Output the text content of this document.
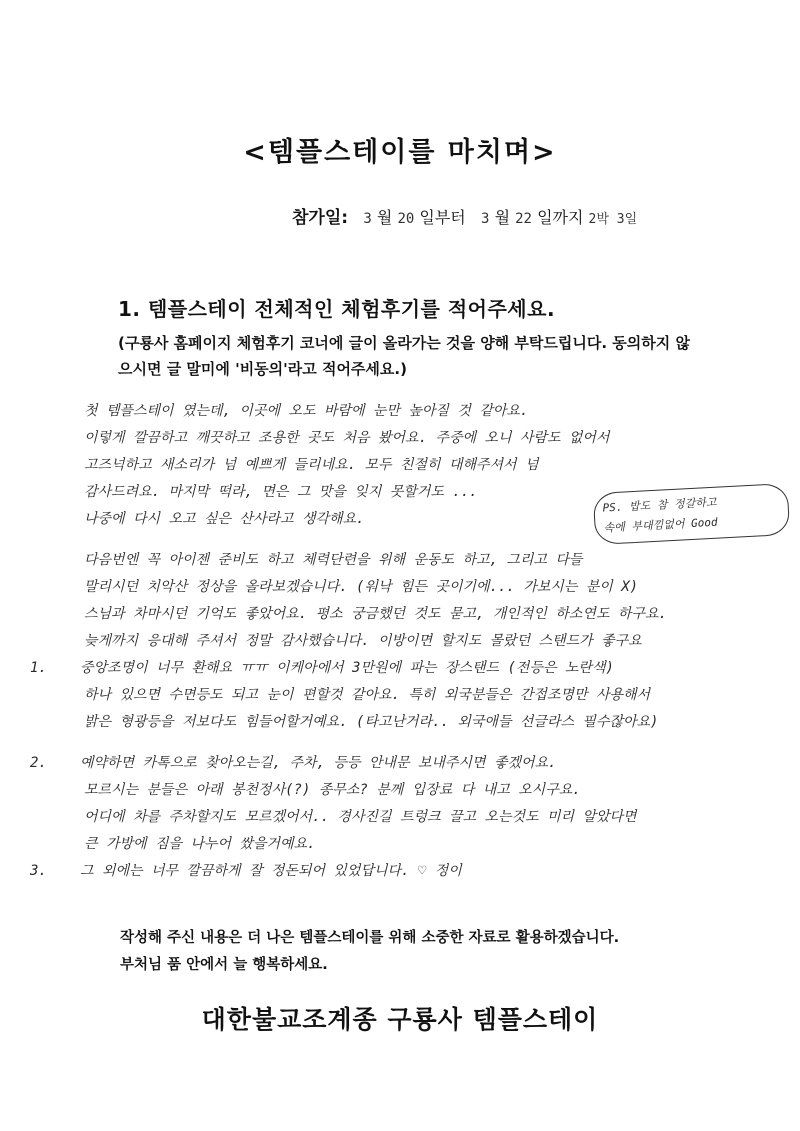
<템플스테이를 마치며>
참가일: 3 월 20 일부터 3 월 22 일까지 2박 3일
1. 템플스테이 전체적인 체험후기를 적어주세요.
(구룡사 홈페이지 체험후기 코너에 글이 올라가는 것을 양해 부탁드립니다. 동의하지 않으시면 글 말미에 '비동의'라고 적어주세요.)
첫 템플스테이 였는데, 이곳에 오도 바람에 눈만 높아질 것 같아요.
이렇게 깔끔하고 깨끗하고 조용한 곳도 처음 봤어요. 주중에 오니 사람도 없어서
고즈넉하고 새소리가 넘 예쁘게 들리네요. 모두 친절히 대해주셔서 넘
감사드려요. 마지막 떡라, 면은 그 맛을 잊지 못할거도 ...
나중에 다시 오고 싶은 산사라고 생각해요.
다음번엔 꼭 아이젠 준비도 하고 체력단련을 위해 운동도 하고, 그리고 다들
말리시던 치악산 정상을 올라보겠습니다. (워낙 힘든 곳이기에... 가보시는 분이 X)
스님과 차마시던 기억도 좋았어요. 평소 궁금했던 것도 묻고, 개인적인 하소연도 하구요.
늦게까지 응대해 주셔서 정말 감사했습니다. 이방이면 할지도 몰랐던 스탠드가 좋구요
1. 중앙조명이 너무 환해요 ㅠㅠ 이케아에서 3만원에 파는 장스탠드 (전등은 노란색)
하나 있으면 수면등도 되고 눈이 편할것 같아요. 특히 외국분들은 간접조명만 사용해서
밝은 형광등을 저보다도 힘들어할거예요. (타고난거라.. 외국애들 선글라스 필수잖아요)
2. 예약하면 카톡으로 찾아오는길, 주차, 등등 안내문 보내주시면 좋겠어요.
모르시는 분들은 아래 봉천정사(?) 종무소? 분께 입장료 다 내고 오시구요.
어디에 차를 주차할지도 모르겠어서.. 경사진길 트렁크 끌고 오는것도 미리 알았다면
큰 가방에 짐을 나누어 쌌을거예요.
3. 그 외에는 너무 깔끔하게 잘 정돈되어 있었답니다. ♡ 정이
PS. 밥도 참 정갈하고
속에 부대낌없어 Good
작성해 주신 내용은 더 나은 템플스테이를 위해 소중한 자료로 활용하겠습니다.
부처님 품 안에서 늘 행복하세요.
대한불교조계종 구룡사 템플스테이
